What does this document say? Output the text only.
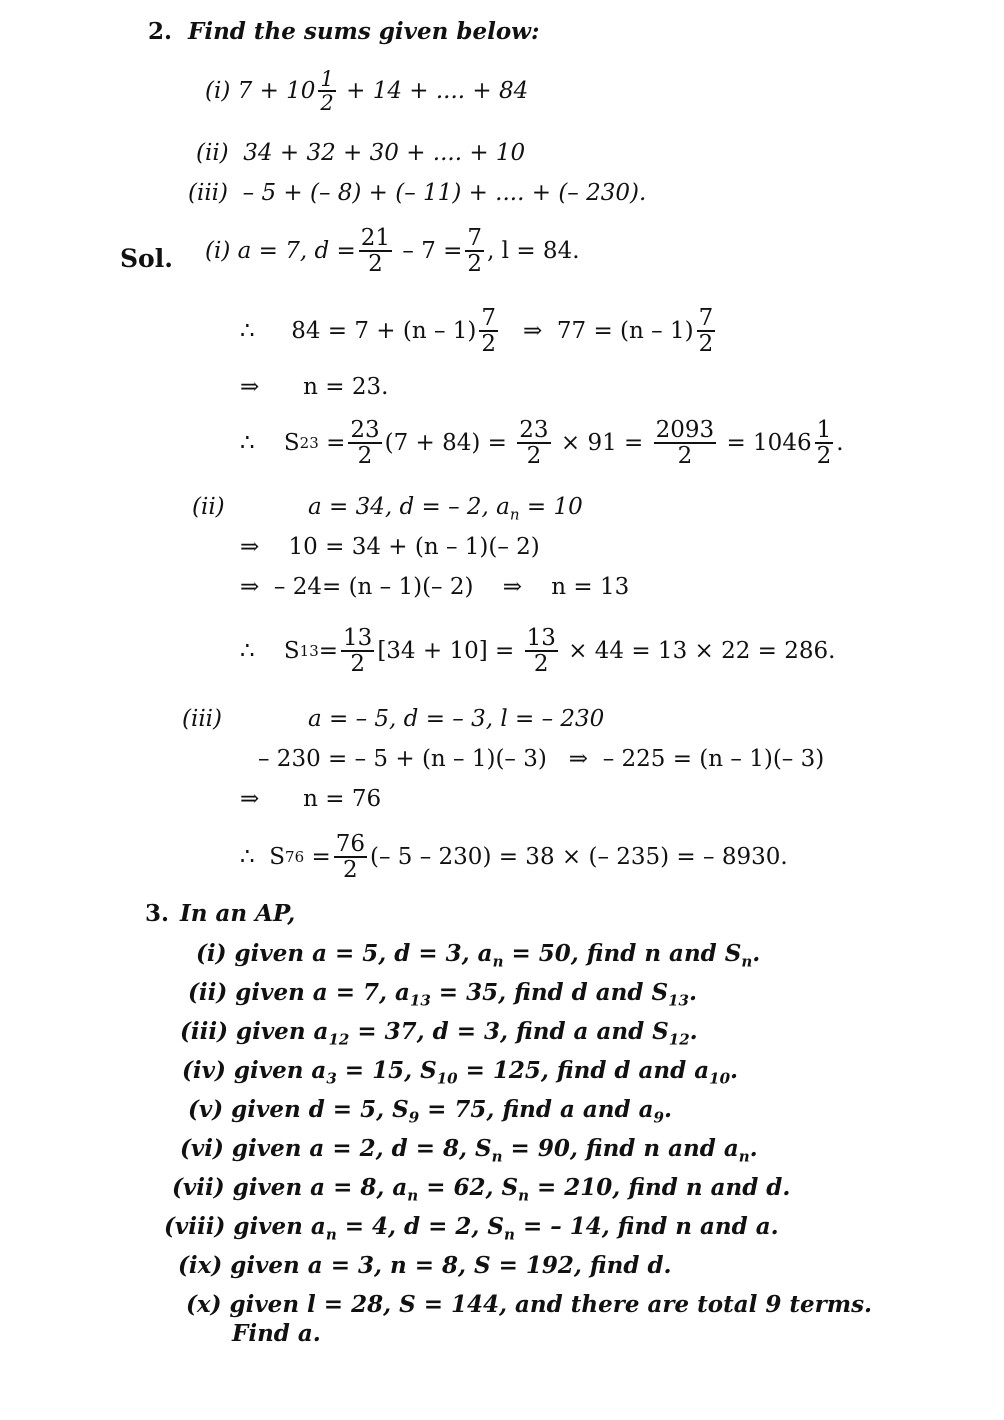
2. Find the sums given below:
(i)
$7 + 10 \frac{1}{2}$
+ 14 + .... + 84
(ii) 34 + 32 + 30 + .... + 10
(iii) – 5 + (– 8) + (– 11) + .... + (– 230).
Sol. (i)
a = 7, $d = \frac{21}{2}$
– $7 = \frac{7}{2}$ , l = 84.
∴
$84 = 7 + (n - 1) \frac{7}{2}$
⇒
$77 = (n - 1) \frac{7}{2}$
⇒ n = 23.
∴
S 23
= $\frac{23}{2} (7 + 84)$ =
$\frac{23}{2}$
× 91 =
$\frac{2093}{2}$
= $1046 \frac{1}{2}$ .
(ii)	a = 34, d = – 2, $a_n = 10$
⇒ 10 = 34 + (n – 1)(– 2)
⇒ – 24= (n – 1)(– 2) ⇒ n = 13
∴
S $13 = \frac{13}{2} [34 + 10]$ =
$\frac{13}{2}$
× 44 = 13 × 22 = 286.
(iii)	a = – 5, d = – 3, l = – 230
– 230 = – 5 + (n – 1)(– 3) ⇒ – 225 = (n – 1)(– 3)
⇒ n = 76
∴
S 76
= $\frac{76}{2}$ (– 5 – 230) = 38 × (– 235) = – 8930.
3. In an AP,
(i) given a = 5, d = 3, $a_n = 50$, find n and $S_n$.
(ii) given a = 7, $a_{13} = 35$, find d and $S_{13}$.
(iii) given $a_{12} = 37$, d = 3, find a and $S_{12}$.
(iv) given $a_3 = 15$, $S_{10} = 125$, find d and $a_{10}$.
(v) given d = 5, $S_9 = 75$, find a and $a_9$.
(vi) given a = 2, d = 8, $S_n = 90$, find n and $a_n$.
(vii) given a = 8, $a_n = 62$, $S_n = 210$, find n and d.
(viii) given $a_n = 4$, d = 2, $S_n$ = – 14, find n and a.
(ix) given a = 3, n = 8, S = 192, find d.
(x) given l = 28, S = 144, and there are total 9 terms.
Find a.
